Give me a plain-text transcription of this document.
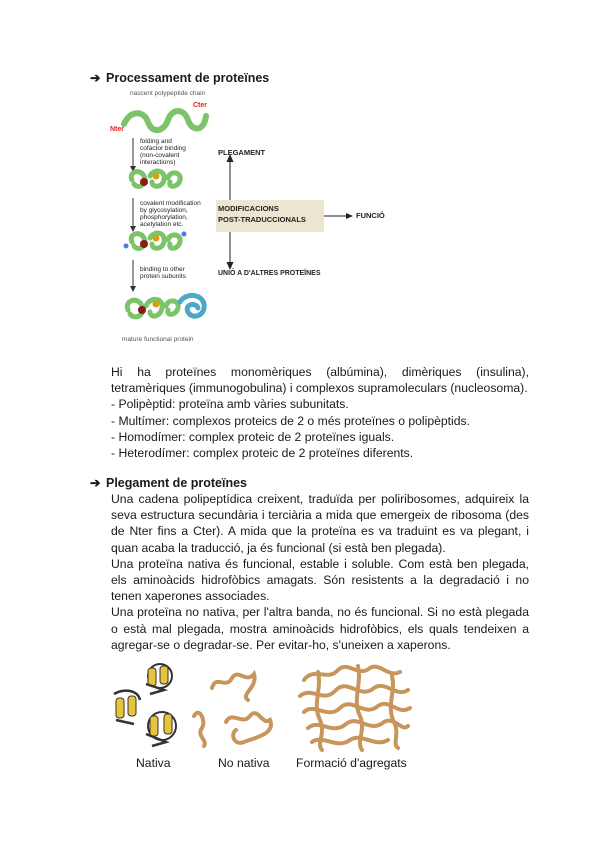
➔ Processament de proteïnes
nascent polypeptide chain
Cter
Nter
folding and
cofactor binding
(non-covalent
interactions)
covalent modification
by glycosylation,
phosphorylation,
acetylation etc.
binding to other
protein subunits
mature functional protein
PLEGAMENT
MODIFICACIONS
POST-TRADUCCIONALS	FUNCIÓ
UNIÓ A D'ALTRES PROTEÏNES

Hi ha proteïnes monomèriques (albúmina), dimèriques (insulina), tetramèriques (immunogobulina) i complexos supramoleculars (nucleosoma).

- Polipèptid: proteïna amb vàries subunitats.

- Multímer: complexos proteics de 2 o més proteïnes o polipèptids.

- Homodímer: complex proteic de 2 proteïnes iguals.

- Heterodímer: complex proteic de 2 proteïnes diferents.

➔ Plegament de proteïnes

Una cadena polipeptídica creixent, traduïda per poliribosomes, adquireix la seva estructura secundària i terciària a mida que emergeix de ribosoma (des de Nter fins a Cter). A mida que la proteïna es va traduint es va plegant, i quan acaba la traducció, ja és funcional (si està ben plegada).

Una proteïna nativa és funcional, estable i soluble. Com està ben plegada, els aminoàcids hidrofòbics amagats. Són resistents a la degradació i no tenen xaperones associades.

Una proteïna no nativa, per l'altra banda, no és funcional. Si no està plegada o està mal plegada, mostra aminoàcids hidrofòbics, els quals tendeixen a agregar-se o degradar-se. Per evitar-ho, s'uneixen a xaperons.

Nativa	No nativa Formació d'agregats
